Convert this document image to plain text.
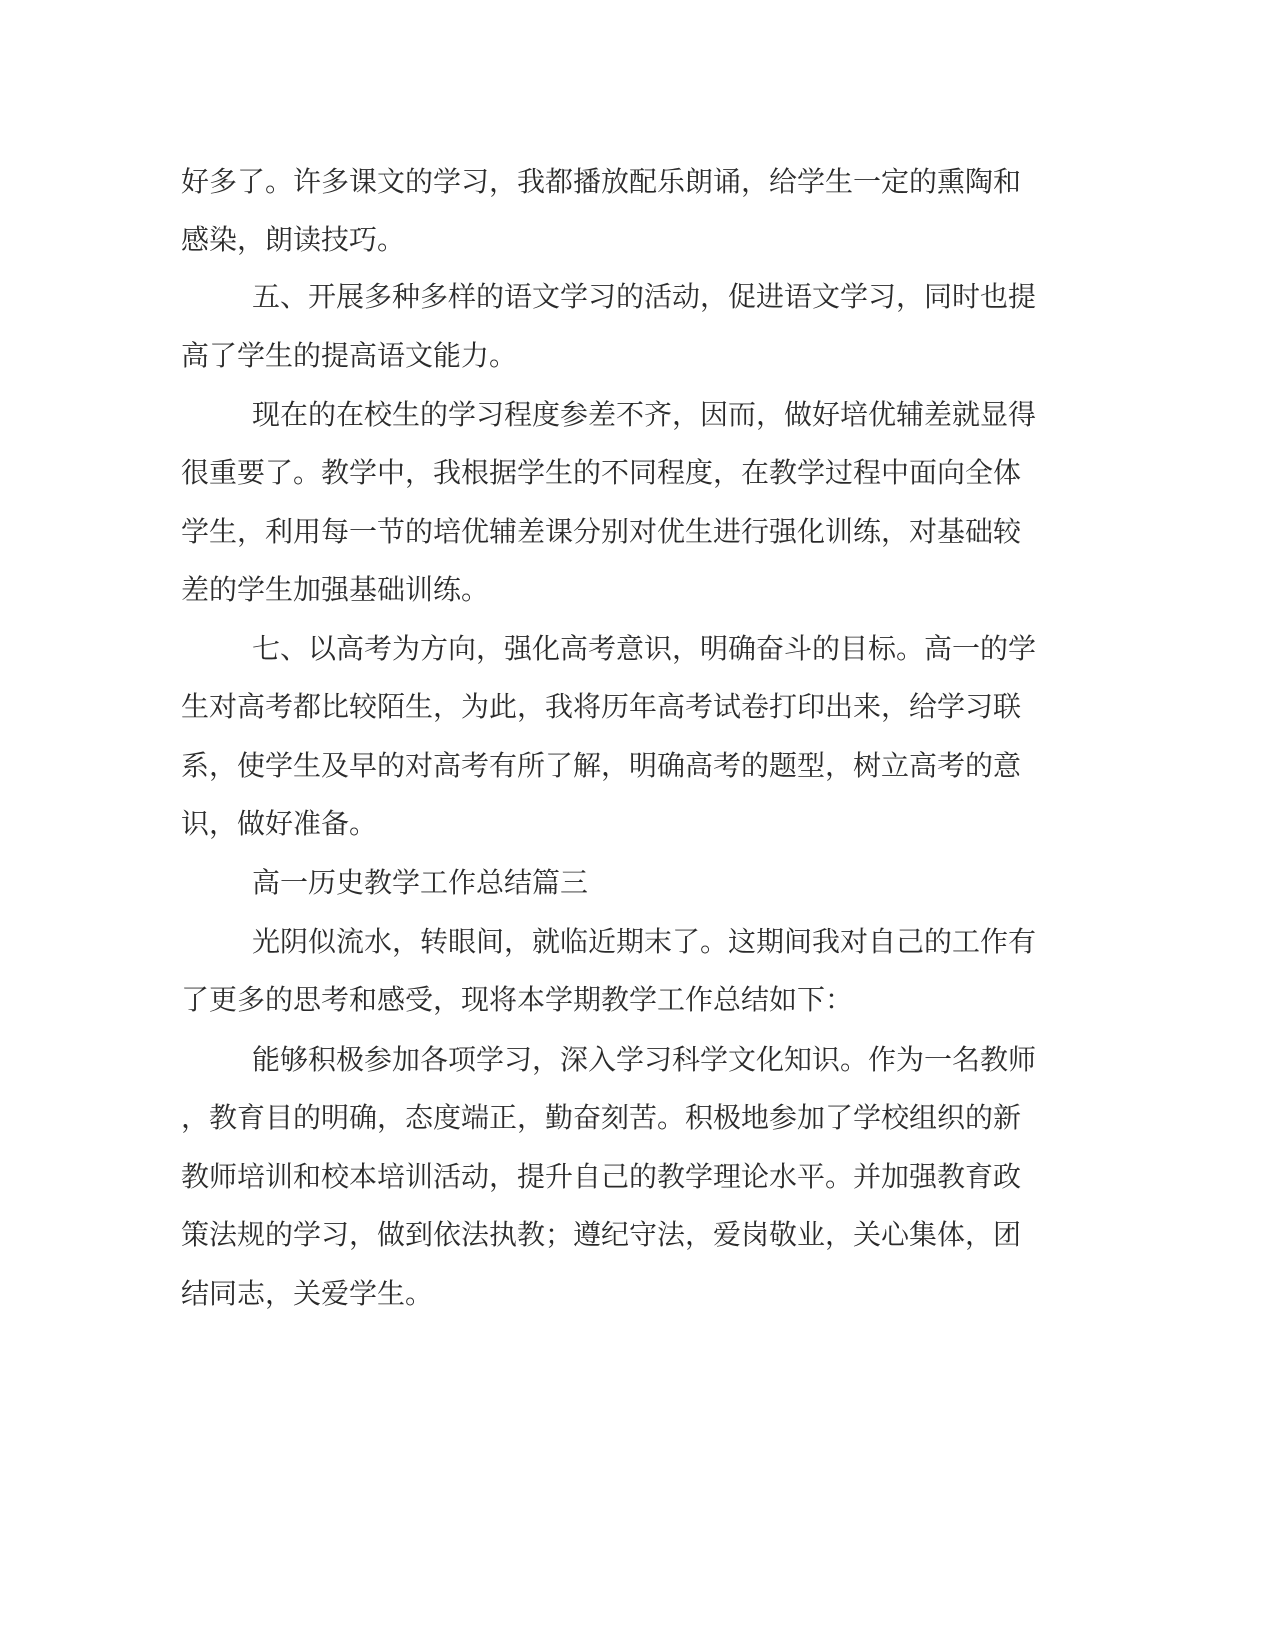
好多了。许多课文的学习，我都播放配乐朗诵，给学生一定的熏陶和
感染，朗读技巧。
五、开展多种多样的语文学习的活动，促进语文学习，同时也提
高了学生的提高语文能力。
现在的在校生的学习程度参差不齐，因而，做好培优辅差就显得
很重要了。教学中，我根据学生的不同程度，在教学过程中面向全体
学生，利用每一节的培优辅差课分别对优生进行强化训练，对基础较
差的学生加强基础训练。
七、以高考为方向，强化高考意识，明确奋斗的目标。高一的学
生对高考都比较陌生，为此，我将历年高考试卷打印出来，给学习联
系，使学生及早的对高考有所了解，明确高考的题型，树立高考的意
识，做好准备。
高一历史教学工作总结篇三
光阴似流水，转眼间，就临近期末了。这期间我对自己的工作有
了更多的思考和感受，现将本学期教学工作总结如下：
能够积极参加各项学习，深入学习科学文化知识。作为一名教师
，教育目的明确，态度端正，勤奋刻苦。积极地参加了学校组织的新
教师培训和校本培训活动，提升自己的教学理论水平。并加强教育政
策法规的学习，做到依法执教；遵纪守法，爱岗敬业，关心集体，团
结同志，关爱学生。
